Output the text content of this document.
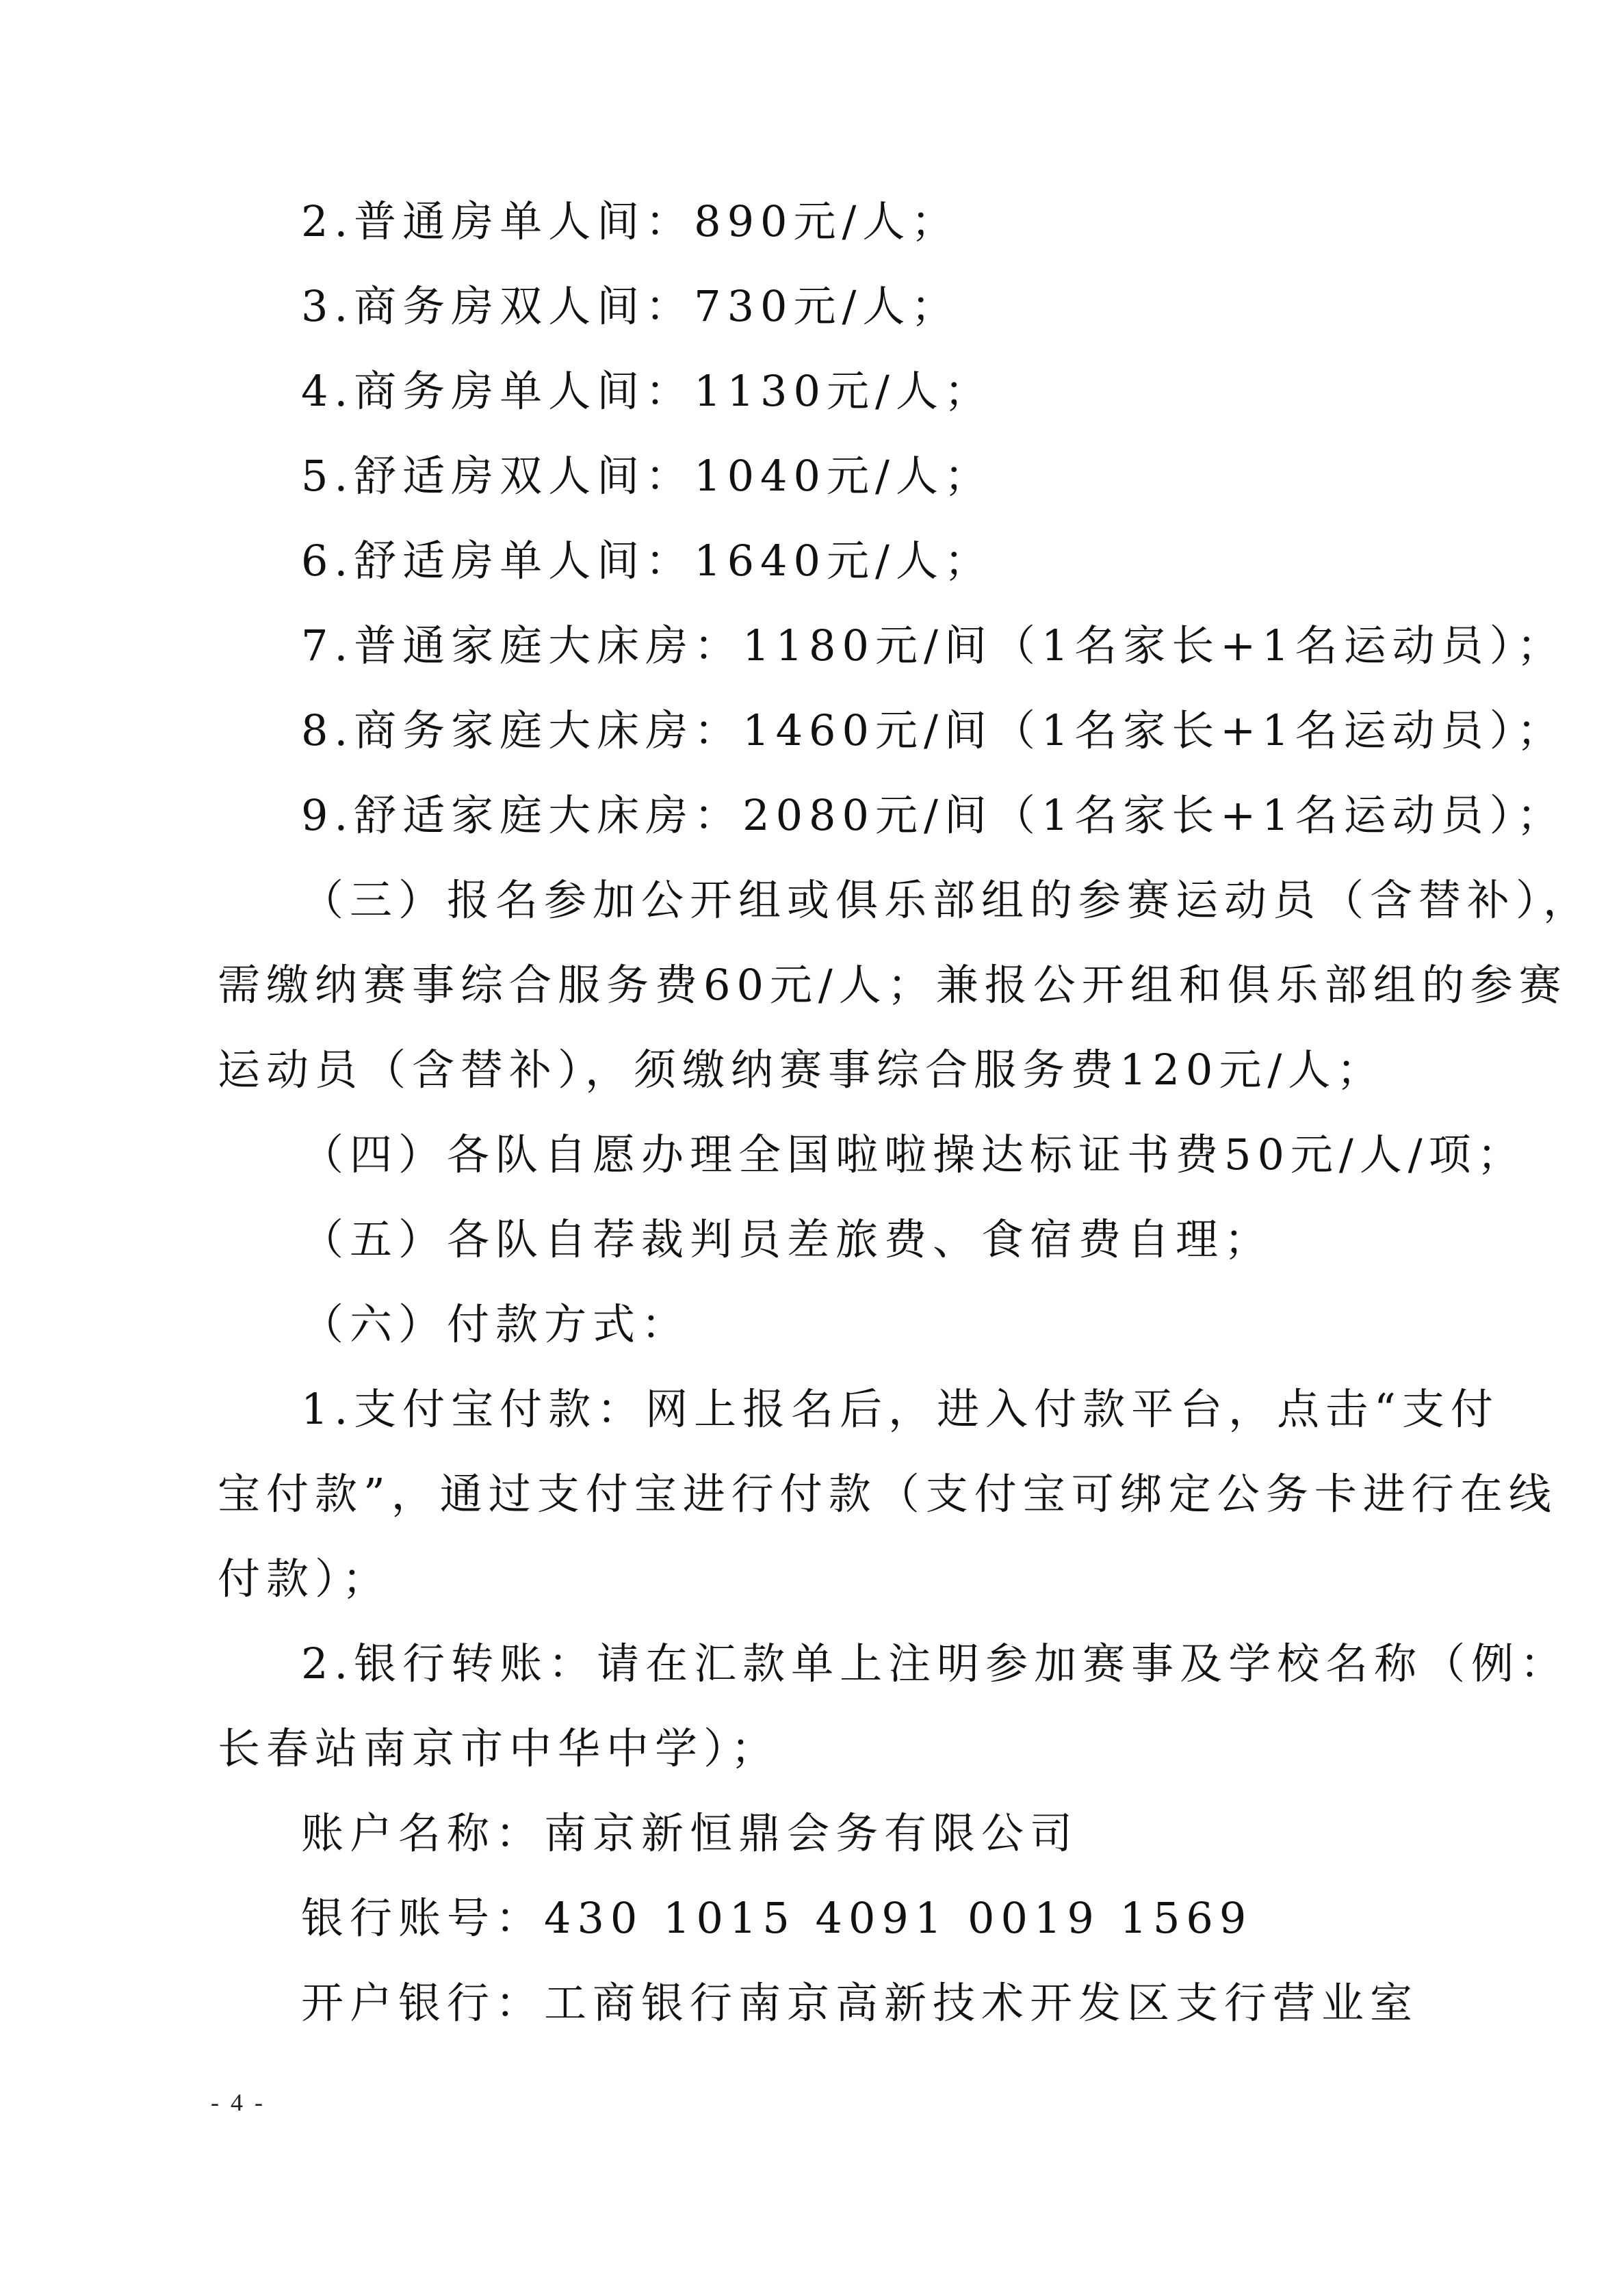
2.普通房单人间：890元/人；
3.商务房双人间：730元/人；
4.商务房单人间：1130元/人；
5.舒适房双人间：1040元/人；
6.舒适房单人间：1640元/人；
7.普通家庭大床房：1180元/间（1名家长+1名运动员）；
8.商务家庭大床房：1460元/间（1名家长+1名运动员）；
9.舒适家庭大床房：2080元/间（1名家长+1名运动员）；
（三）报名参加公开组或俱乐部组的参赛运动员（含替补），
需缴纳赛事综合服务费60元/人；兼报公开组和俱乐部组的参赛
运动员（含替补），须缴纳赛事综合服务费120元/人；
（四）各队自愿办理全国啦啦操达标证书费50元/人/项；
（五）各队自荐裁判员差旅费、食宿费自理；
（六）付款方式：
1.支付宝付款：网上报名后，进入付款平台，点击“支付
宝付款”，通过支付宝进行付款（支付宝可绑定公务卡进行在线
付款）；
2.银行转账：请在汇款单上注明参加赛事及学校名称（例：
长春站南京市中华中学）；
账户名称：南京新恒鼎会务有限公司
银行账号：430 1015 4091 0019 1569
开户银行：工商银行南京高新技术开发区支行营业室
- 4 -
